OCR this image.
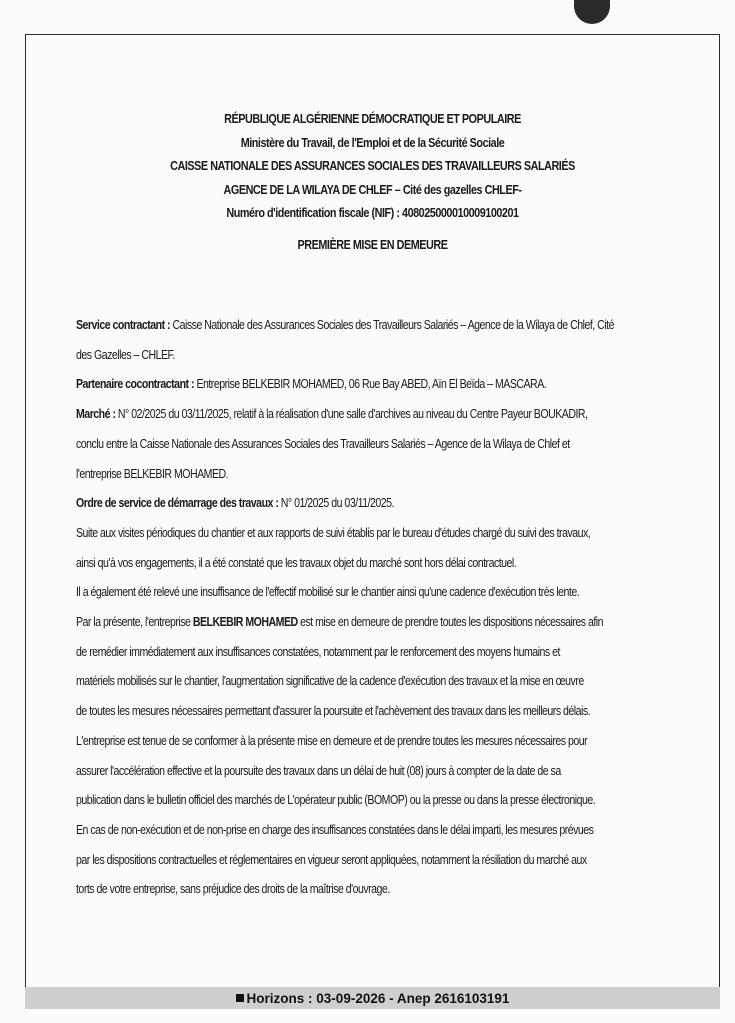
RÉPUBLIQUE ALGÉRIENNE DÉMOCRATIQUE ET POPULAIRE
Ministère du Travail, de l'Emploi et de la Sécurité Sociale
CAISSE NATIONALE DES ASSURANCES SOCIALES DES TRAVAILLEURS SALARIÉS
AGENCE DE LA WILAYA DE CHLEF – Cité des gazelles CHLEF-
Numéro d'identification fiscale (NIF) : 408025000010009100201
PREMIÈRE MISE EN DEMEURE

Service contractant : Caisse Nationale des Assurances Sociales des Travailleurs Salariés – Agence de la Wilaya de Chlef, Cité

des Gazelles – CHLEF.

Partenaire cocontractant : Entreprise BELKEBIR MOHAMED, 06 Rue Bay ABED, Aïn El Beïda – MASCARA.

Marché : N° 02/2025 du 03/11/2025, relatif à la réalisation d'une salle d'archives au niveau du Centre Payeur BOUKADIR,

conclu entre la Caisse Nationale des Assurances Sociales des Travailleurs Salariés – Agence de la Wilaya de Chlef et

l'entreprise BELKEBIR MOHAMED.

Ordre de service de démarrage des travaux : N° 01/2025 du 03/11/2025.

Suite aux visites périodiques du chantier et aux rapports de suivi établis par le bureau d'études chargé du suivi des travaux,

ainsi qu'à vos engagements, il a été constaté que les travaux objet du marché sont hors délai contractuel.

Il a également été relevé une insuffisance de l'effectif mobilisé sur le chantier ainsi qu'une cadence d'exécution très lente.

Par la présente, l'entreprise BELKEBIR MOHAMED est mise en demeure de prendre toutes les dispositions nécessaires afin

de remédier immédiatement aux insuffisances constatées, notamment par le renforcement des moyens humains et

matériels mobilisés sur le chantier, l'augmentation significative de la cadence d'exécution des travaux et la mise en œuvre

de toutes les mesures nécessaires permettant d'assurer la poursuite et l'achèvement des travaux dans les meilleurs délais.

L'entreprise est tenue de se conformer à la présente mise en demeure et de prendre toutes les mesures nécessaires pour

assurer l'accélération effective et la poursuite des travaux dans un délai de huit (08) jours à compter de la date de sa

publication dans le bulletin officiel des marchés de L'opérateur public (BOMOP) ou la presse ou dans la presse électronique.

En cas de non-exécution et de non-prise en charge des insuffisances constatées dans le délai imparti, les mesures prévues

par les dispositions contractuelles et réglementaires en vigueur seront appliquées, notamment la résiliation du marché aux

torts de votre entreprise, sans préjudice des droits de la maîtrise d'ouvrage.

Horizons : 03-09-2026 - Anep 2616103191
